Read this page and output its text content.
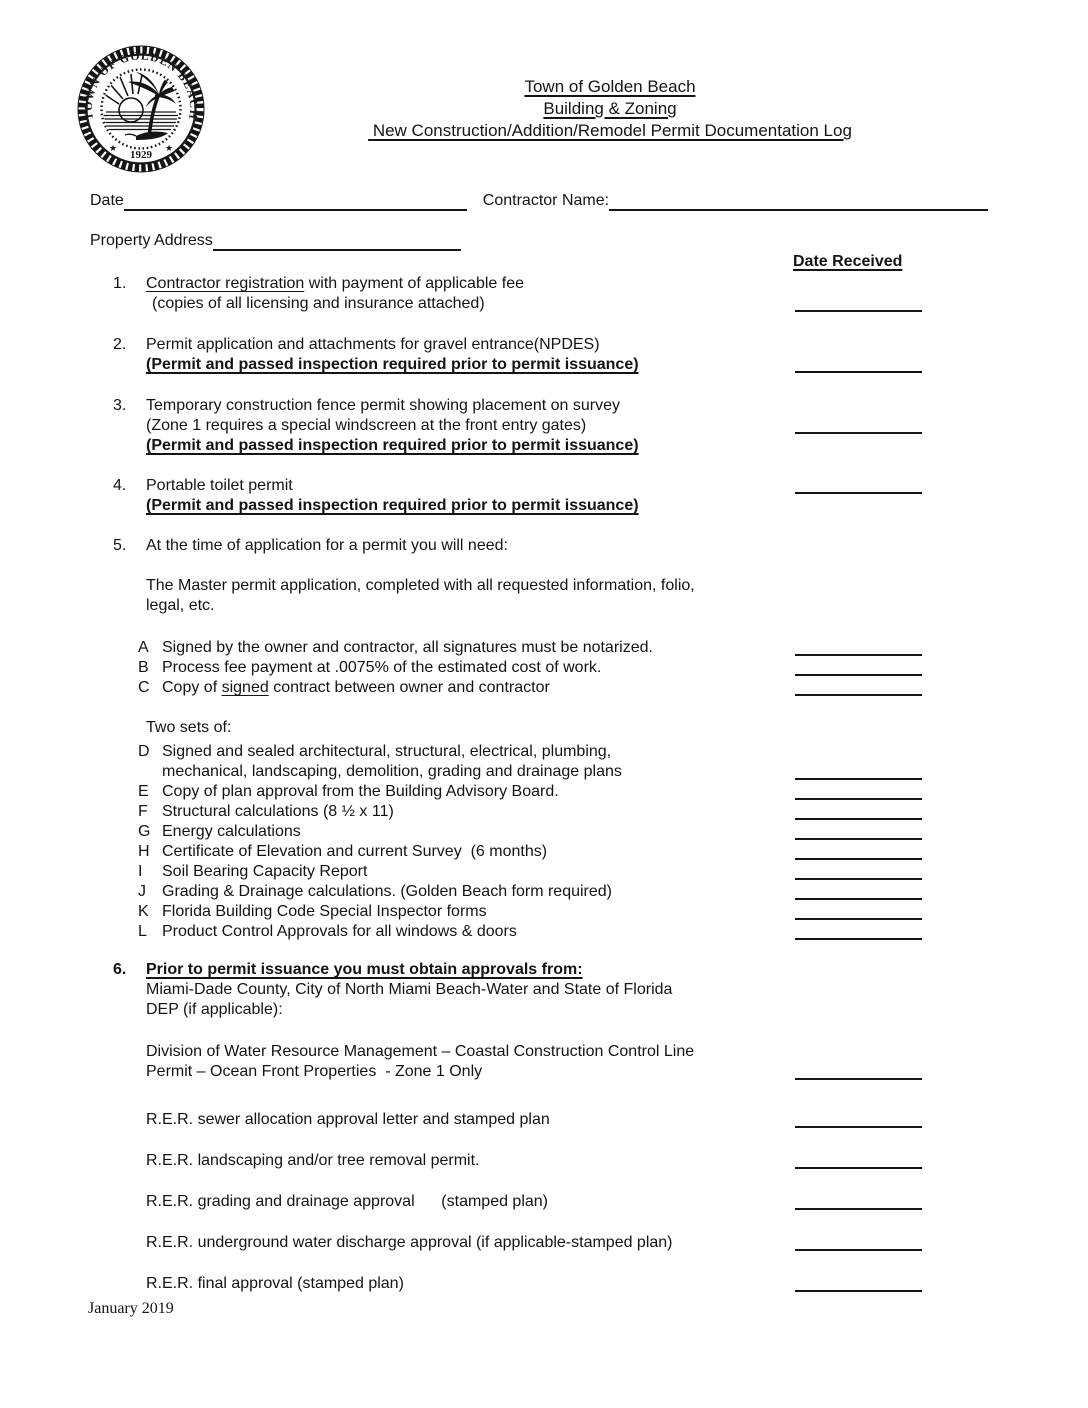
TOWN OF GOLDEN BEACH
1929
★	★
Town of Golden Beach
Building & Zoning
New Construction/Addition/Remodel Permit Documentation Log
Date	Contractor Name:
Property Address
Date Received
1.	Contractor registration with payment of applicable fee
(copies of all licensing and insurance attached)
2.	Permit application and attachments for gravel entrance(NPDES)
(Permit and passed inspection required prior to permit issuance)
3.	Temporary construction fence permit showing placement on survey
(Zone 1 requires a special windscreen at the front entry gates)
(Permit and passed inspection required prior to permit issuance)
4.	Portable toilet permit
(Permit and passed inspection required prior to permit issuance)
5.	At the time of application for a permit you will need:
The Master permit application, completed with all requested information, folio,
legal, etc.
A Signed by the owner and contractor, all signatures must be notarized.
B Process fee payment at .0075% of the estimated cost of work.
C Copy of signed contract between owner and contractor
Two sets of:
D Signed and sealed architectural, structural, electrical, plumbing,
mechanical, landscaping, demolition, grading and drainage plans
E Copy of plan approval from the Building Advisory Board.
F Structural calculations (8 ½ x 11)
G Energy calculations
H Certificate of Elevation and current Survey  (6 months)
I	Soil Bearing Capacity Report
J	Grading & Drainage calculations. (Golden Beach form required)
K Florida Building Code Special Inspector forms
L Product Control Approvals for all windows & doors
6.	Prior to permit issuance you must obtain approvals from:
Miami-Dade County, City of North Miami Beach-Water and State of Florida
DEP (if applicable):
Division of Water Resource Management – Coastal Construction Control Line
Permit – Ocean Front Properties  - Zone 1 Only
R.E.R. sewer allocation approval letter and stamped plan
R.E.R. landscaping and/or tree removal permit.
R.E.R. grading and drainage approval      (stamped plan)
R.E.R. underground water discharge approval (if applicable-stamped plan)
R.E.R. final approval (stamped plan)
January 2019
